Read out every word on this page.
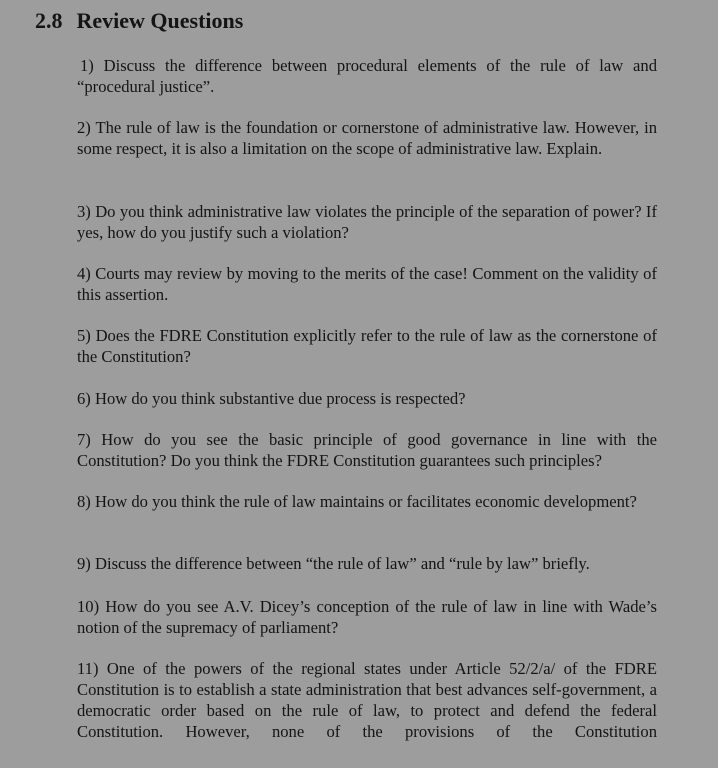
2.8 Review Questions

1) Discuss the difference between procedural elements of the rule of law and “procedural justice”.

2) The rule of law is the foundation or cornerstone of administrative law. However, in some respect, it is also a limitation on the scope of administrative law. Explain.

3) Do you think administrative law violates the principle of the separation of power? If yes, how do you justify such a violation?

4) Courts may review by moving to the merits of the case! Comment on the validity of this assertion.

5) Does the FDRE Constitution explicitly refer to the rule of law as the cornerstone of the Constitution?

6) How do you think substantive due process is respected?

7) How do you see the basic principle of good governance in line with the Constitution? Do you think the FDRE Constitution guarantees such principles?

8) How do you think the rule of law maintains or facilitates economic development?

9) Discuss the difference between “the rule of law” and “rule by law” briefly.

10) How do you see A.V. Dicey’s conception of the rule of law in line with Wade’s notion of the supremacy of parliament?

11) One of the powers of the regional states under Article 52/2/a/ of the FDRE Constitution is to establish a state administration that best advances self-government, a democratic order based on the rule of law, to protect and defend the federal Constitution. However, none of the provisions of the Constitution
